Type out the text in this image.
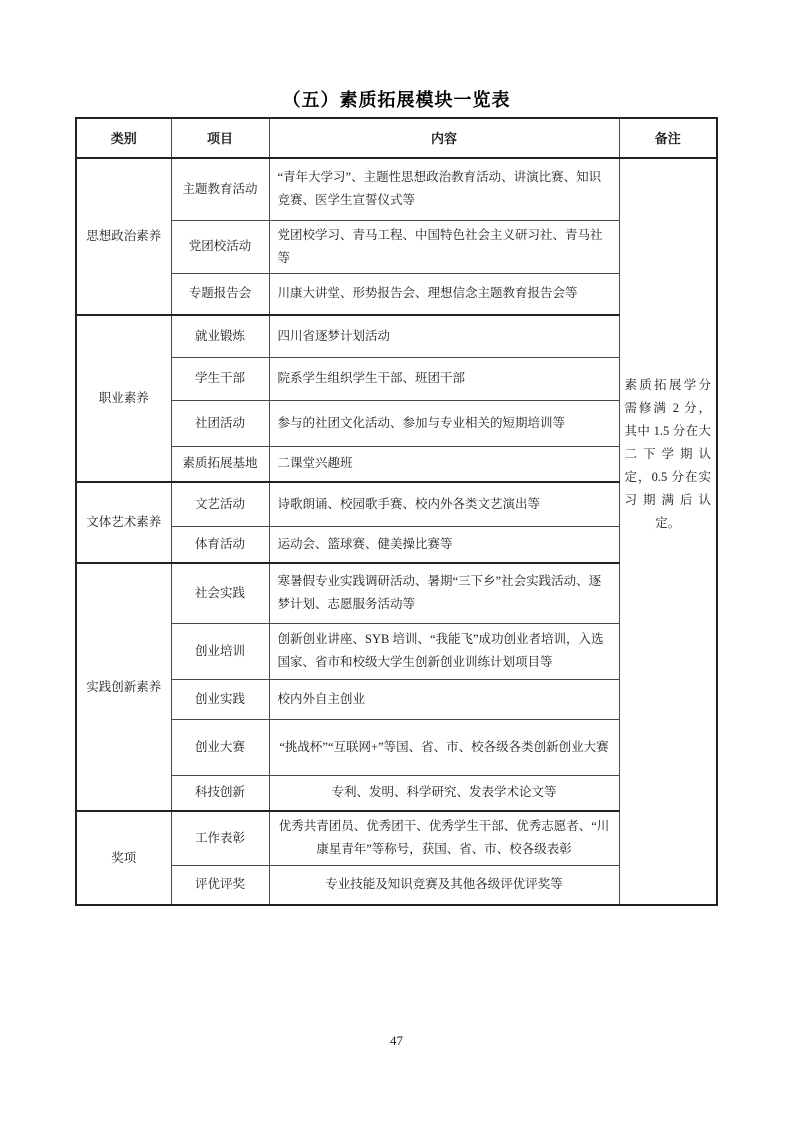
（五）素质拓展模块一览表
类别	项目	内容	备注
思想政治素养	主题教育活动	“青年大学习”、主题性思想政治教育活动、讲演比赛、知识竞赛、医学生宣誓仪式等	素质拓展学分需修满 2 分，其中 1.5 分在大二下学期认定，0.5 分在实习期满后认定。
	党团校活动	党团校学习、青马工程、中国特色社会主义研习社、青马社等	
	专题报告会	川康大讲堂、形势报告会、理想信念主题教育报告会等	
职业素养	就业锻炼	四川省逐梦计划活动	
	学生干部	院系学生组织学生干部、班团干部	
	社团活动	参与的社团文化活动、参加与专业相关的短期培训等	
	素质拓展基地	二课堂兴趣班	
文体艺术素养	文艺活动	诗歌朗诵、校园歌手赛、校内外各类文艺演出等	
	体育活动	运动会、篮球赛、健美操比赛等	
实践创新素养	社会实践	寒暑假专业实践调研活动、暑期“三下乡”社会实践活动、逐梦计划、志愿服务活动等	
	创业培训	创新创业讲座、SYB 培训、“我能飞”成功创业者培训，入选国家、省市和校级大学生创新创业训练计划项目等	
	创业实践	校内外自主创业	
	创业大赛	“挑战杯”“互联网+”等国、省、市、校各级各类创新创业大赛	
	科技创新	专利、发明、科学研究、发表学术论文等	
奖项	工作表彰	优秀共青团员、优秀团干、优秀学生干部、优秀志愿者、“川康星青年”等称号，获国、省、市、校各级表彰	
	评优评奖	专业技能及知识竞赛及其他各级评优评奖等	
47
